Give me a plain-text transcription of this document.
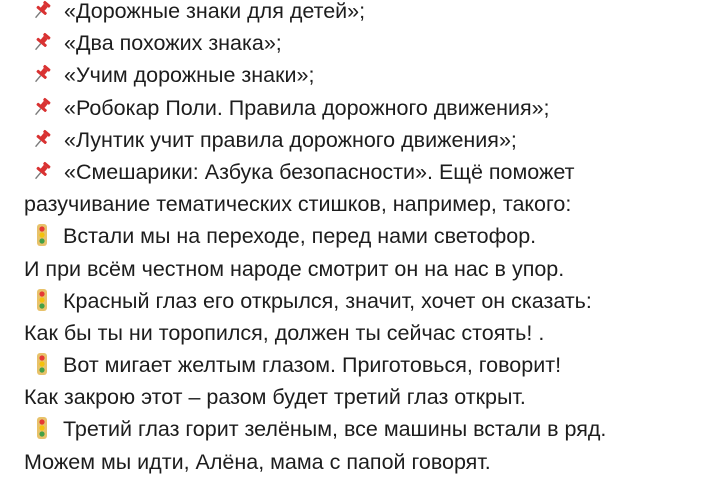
«Дорожные знаки для детей»;
«Два похожих знака»;
«Учим дорожные знаки»;
«Робокар Поли. Правила дорожного движения»;
«Лунтик учит правила дорожного движения»;
«Смешарики: Азбука безопасности». Ещё поможет
разучивание тематических стишков, например, такого:
Встали мы на переходе, перед нами светофор.
И при всём честном народе смотрит он на нас в упор.
Красный глаз его открылся, значит, хочет он сказать:
Как бы ты ни торопился, должен ты сейчас стоять! .
Вот мигает желтым глазом. Приготовься, говорит!
Как закрою этот – разом будет третий глаз открыт.
Третий глаз горит зелёным, все машины встали в ряд.
Можем мы идти, Алёна, мама с папой говорят.
